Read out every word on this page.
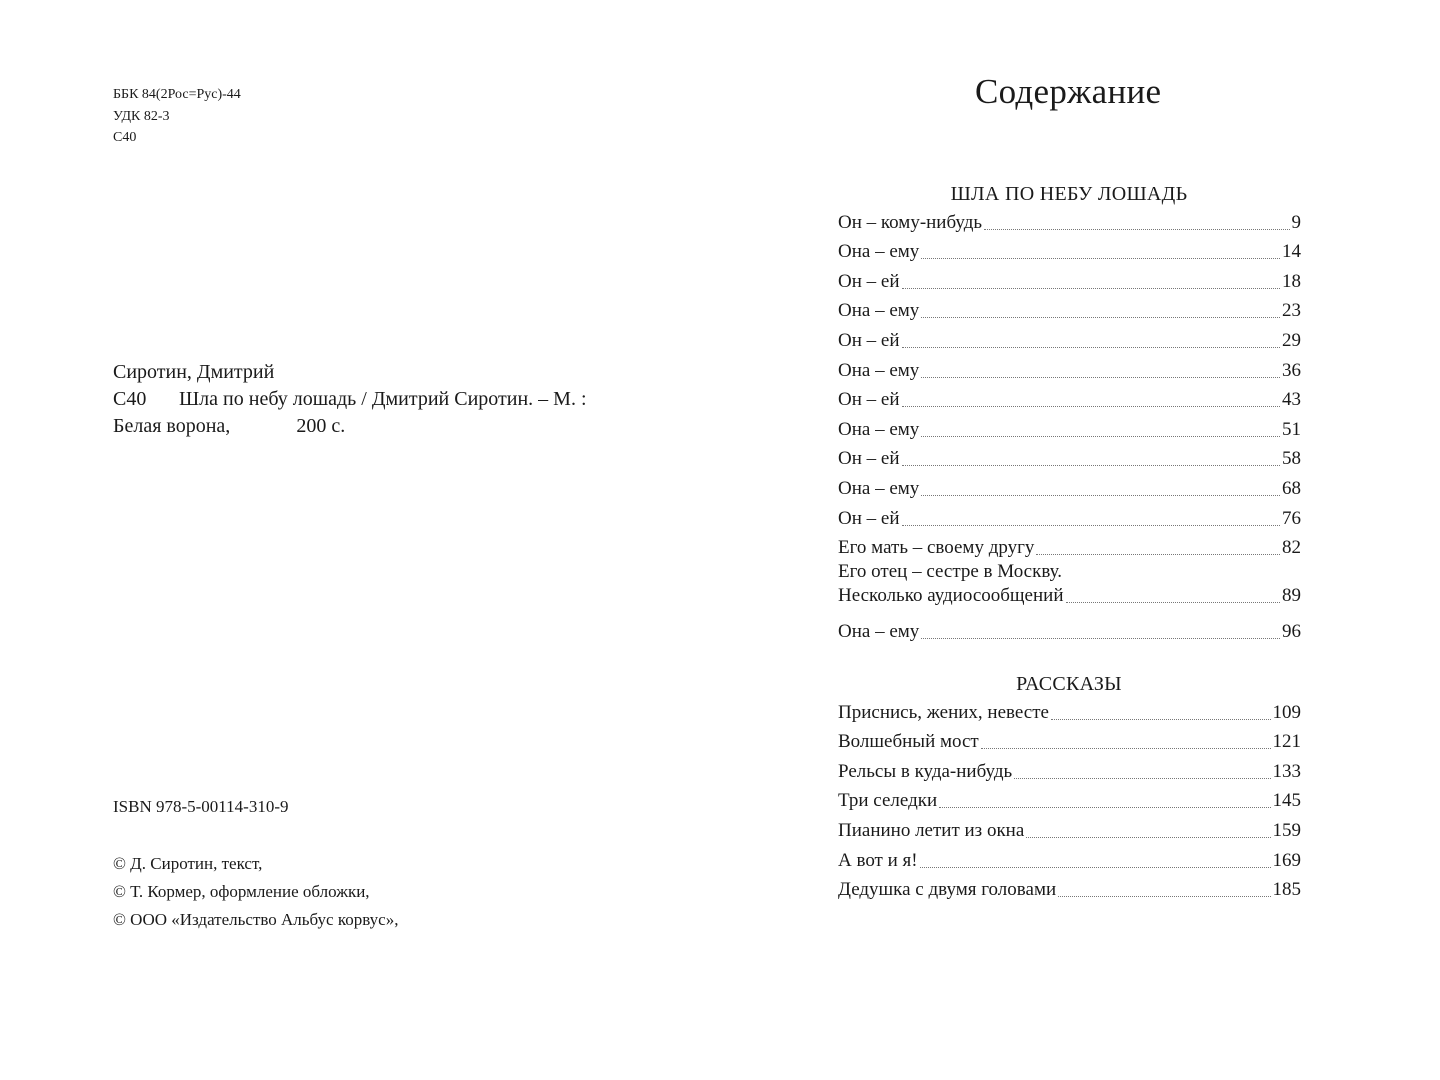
ББК 84(2Рос=Рус)-44
УДК 82-3
С40
Сиротин, Дмитрий
С40 Шла по небу лошадь / Дмитрий Сиротин. – М. :
Белая ворона,	200 с.
ISBN 978-5-00114-310-9
© Д. Сиротин, текст,
© Т. Кормер, оформление обложки,
© ООО «Издательство Альбус корвус»,
Содержание
ШЛА ПО НЕБУ ЛОШАДЬ
Он – кому-нибудь	9
Она – ему	14
Он – ей	18
Она – ему	23
Он – ей	29
Она – ему	36
Он – ей	43
Она – ему	51
Он – ей	58
Она – ему	68
Он – ей	76
Его мать – своему другу	82
Его отец – сестре в Москву.
Несколько аудиосообщений	89
Она – ему	96
РАССКАЗЫ
Приснись, жених, невесте	109
Волшебный мост	121
Рельсы в куда-нибудь	133
Три селедки	145
Пианино летит из окна	159
А вот и я!	169
Дедушка с двумя головами	185
